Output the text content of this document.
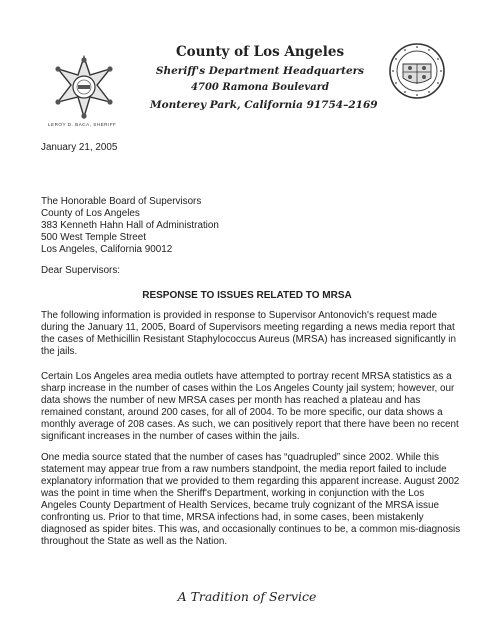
LEROY D. BACA, SHERIFF
County of Los Angeles
Sheriff's Department Headquarters
4700 Ramona Boulevard
Monterey Park, California 91754–2169
January 21, 2005
The Honorable Board of Supervisors
County of Los Angeles
383 Kenneth Hahn Hall of Administration
500 West Temple Street
Los Angeles, California 90012
Dear Supervisors:
RESPONSE TO ISSUES RELATED TO MRSA
The following information is provided in response to Supervisor Antonovich's request made during the January 11, 2005, Board of Supervisors meeting regarding a news media report that the cases of Methicillin Resistant Staphylococcus Aureus (MRSA) has increased significantly in the jails.
Certain Los Angeles area media outlets have attempted to portray recent MRSA statistics as a sharp increase in the number of cases within the Los Angeles County jail system; however, our data shows the number of new MRSA cases per month has reached a plateau and has remained constant, around 200 cases, for all of 2004. To be more specific, our data shows a monthly average of 208 cases. As such, we can positively report that there have been no recent significant increases in the number of cases within the jails.
One media source stated that the number of cases has “quadrupled” since 2002. While this statement may appear true from a raw numbers standpoint, the media report failed to include explanatory information that we provided to them regarding this apparent increase. August 2002 was the point in time when the Sheriff's Department, working in conjunction with the Los Angeles County Department of Health Services, became truly cognizant of the MRSA issue confronting us. Prior to that time, MRSA infections had, in some cases, been mistakenly diagnosed as spider bites. This was, and occasionally continues to be, a common mis-diagnosis throughout the State as well as the Nation.
A Tradition of Service
